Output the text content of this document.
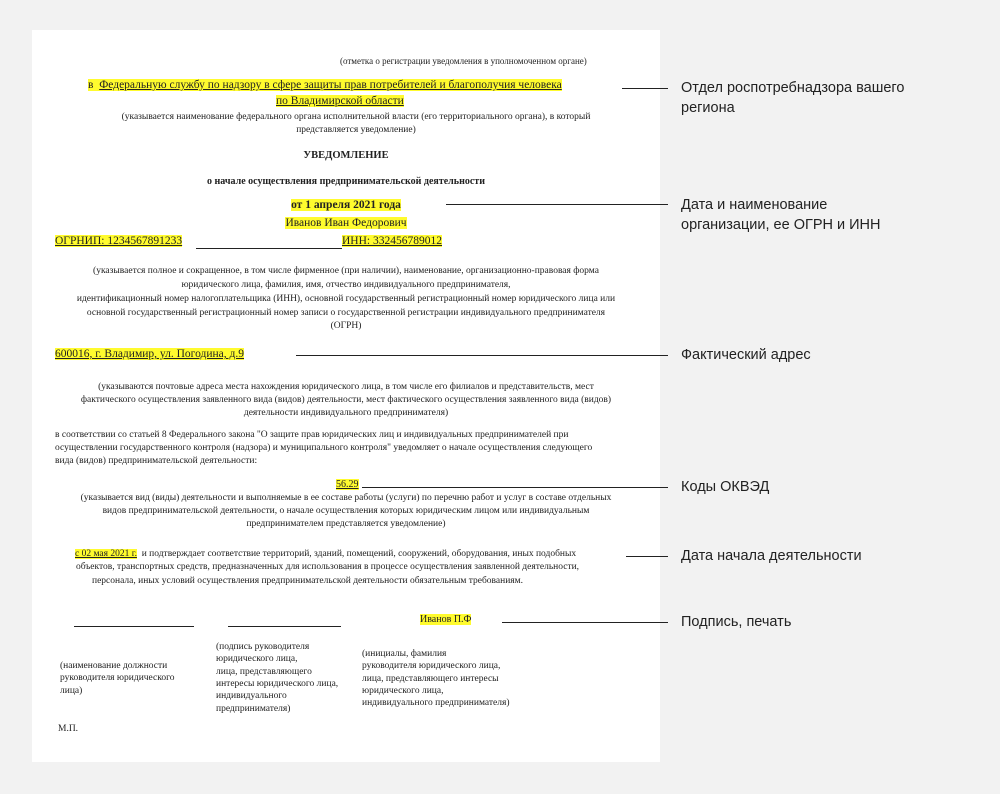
(отметка о регистрации уведомления в уполномоченном органе)
в Федеральную службу по надзору в сфере защиты прав потребителей и благополучия человека
по Владимирской области
(указывается наименование федерального органа исполнительной власти (его территориального органа), в который
представляется уведомление)
УВЕДОМЛЕНИЕ
о начале осуществления предпринимательской деятельности
от 1 апреля 2021 года
Иванов Иван Федорович
ОГРНИП: 1234567891233	ИНН: 332456789012
(указывается полное и сокращенное, в том числе фирменное (при наличии), наименование, организационно-правовая форма
юридического лица, фамилия, имя, отчество индивидуального предпринимателя,
идентификационный номер налогоплательщика (ИНН), основной государственный регистрационный номер юридического лица или
основной государственный регистрационный номер записи о государственной регистрации индивидуального предпринимателя
(ОГРН)
600016, г. Владимир, ул. Погодина, д.9
(указываются почтовые адреса места нахождения юридического лица, в том числе его филиалов и представительств, мест
фактического осуществления заявленного вида (видов) деятельности, мест фактического осуществления заявленного вида (видов)
деятельности индивидуального предпринимателя)
в соответствии со статьей 8 Федерального закона "О защите прав юридических лиц и индивидуальных предпринимателей при
осуществлении государственного контроля (надзора) и муниципального контроля" уведомляет о начале осуществления следующего
вида (видов) предпринимательской деятельности:
56.29
(указывается вид (виды) деятельности и выполняемые в ее составе работы (услуги) по перечню работ и услуг в составе отдельных
видов предпринимательской деятельности, о начале осуществления которых юридическим лицом или индивидуальным
предпринимателем представляется уведомление)
с 02 мая 2021 г. и подтверждает соответствие территорий, зданий, помещений, сооружений, оборудования, иных подобных
объектов, транспортных средств, предназначенных для использования в процессе осуществления заявленной деятельности,
персонала, иных условий осуществления предпринимательской деятельности обязательным требованиям.
Иванов П.Ф
(наименование должности
руководителя юридического
лица)
(подпись руководителя
юридического лица,
лица, представляющего
интересы юридического лица,
индивидуального
предпринимателя)
(инициалы, фамилия
руководителя юридического лица,
лица, представляющего интересы
юридического лица,
индивидуального предпринимателя)
М.П.
Отдел роспотребнадзора вашего
региона
Дата и наименование
организации, ее ОГРН и ИНН
Фактический адрес
Коды ОКВЭД
Дата начала деятельности
Подпись, печать
